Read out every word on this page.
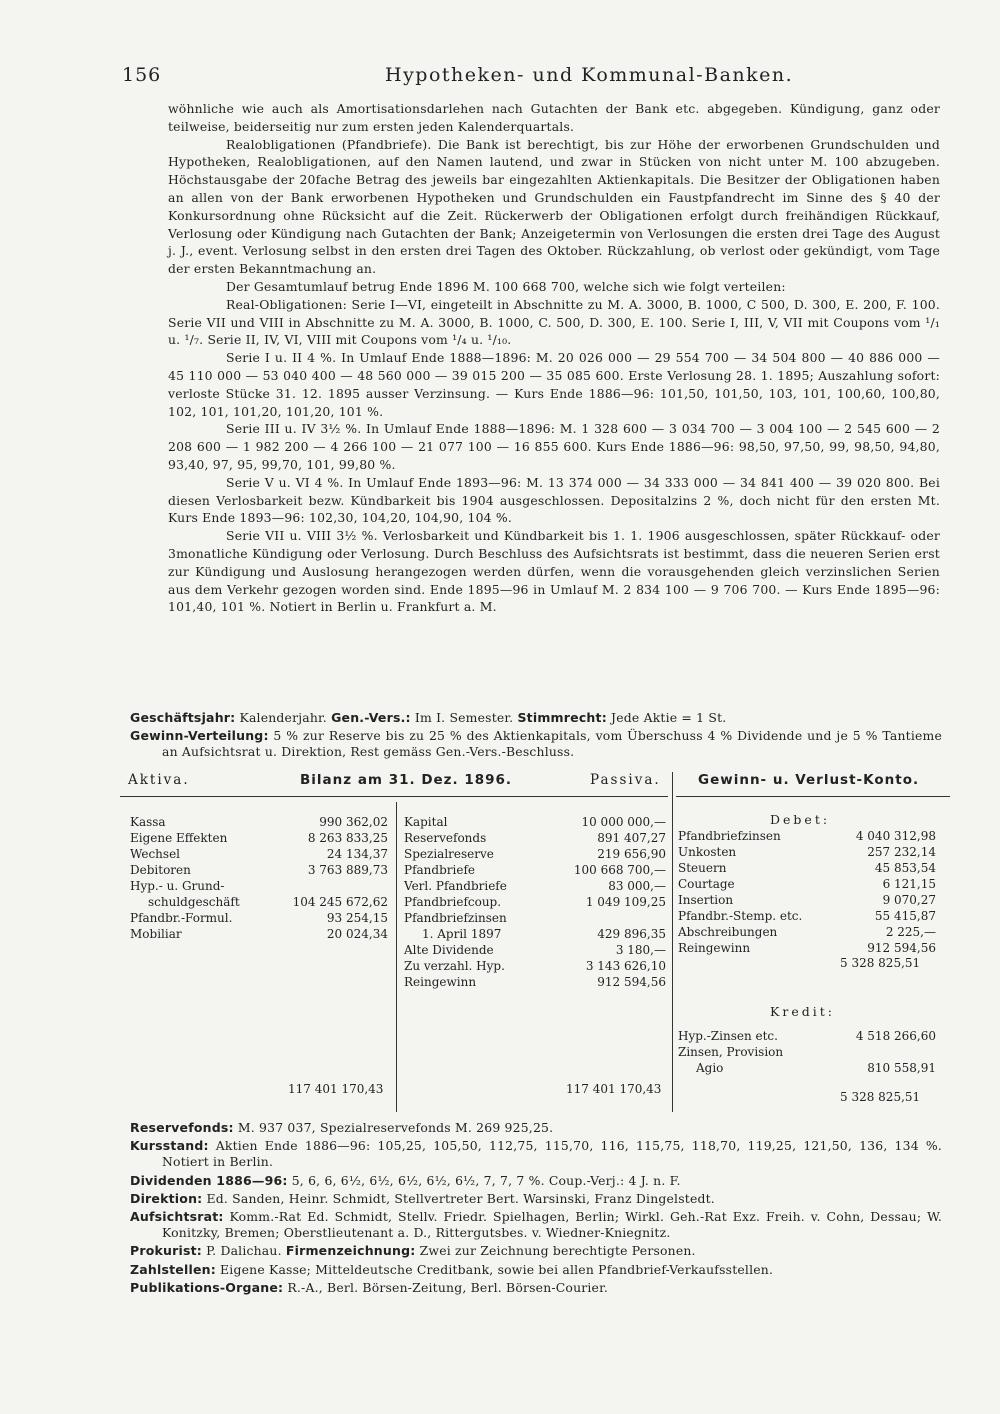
156	Hypotheken- und Kommunal-Banken.

wöhnliche wie auch als Amortisationsdarlehen nach Gutachten der Bank etc. abgegeben. Kündigung, ganz oder teilweise, beiderseitig nur zum ersten jeden Kalenderquartals.

Realobligationen (Pfandbriefe). Die Bank ist berechtigt, bis zur Höhe der erworbenen Grundschulden und Hypotheken, Realobligationen, auf den Namen lautend, und zwar in Stücken von nicht unter M. 100 abzugeben. Höchstausgabe der 20fache Betrag des jeweils bar eingezahlten Aktienkapitals. Die Besitzer der Obligationen haben an allen von der Bank erworbenen Hypotheken und Grundschulden ein Faustpfandrecht im Sinne des § 40 der Konkursordnung ohne Rücksicht auf die Zeit. Rückerwerb der Obligationen erfolgt durch freihändigen Rückkauf, Verlosung oder Kündigung nach Gutachten der Bank; Anzeigetermin von Verlosungen die ersten drei Tage des August j. J., event. Verlosung selbst in den ersten drei Tagen des Oktober. Rückzahlung, ob verlost oder gekündigt, vom Tage der ersten Bekanntmachung an.

Der Gesamtumlauf betrug Ende 1896 M. 100 668 700, welche sich wie folgt verteilen:

Real-Obligationen: Serie I—VI, eingeteilt in Abschnitte zu M. A. 3000, B. 1000, C 500, D. 300, E. 200, F. 100. Serie VII und VIII in Abschnitte zu M. A. 3000, B. 1000, C. 500, D. 300, E. 100. Serie I, III, V, VII mit Coupons vom ¹/₁ u. ¹/₇. Serie II, IV, VI, VIII mit Coupons vom ¹/₄ u. ¹/₁₀.

Serie I u. II 4 %. In Umlauf Ende 1888—1896: M. 20 026 000 — 29 554 700 — 34 504 800 — 40 886 000 — 45 110 000 — 53 040 400 — 48 560 000 — 39 015 200 — 35 085 600. Erste Verlosung 28. 1. 1895; Auszahlung sofort: verloste Stücke 31. 12. 1895 ausser Verzinsung. — Kurs Ende 1886—96: 101,50, 101,50, 103, 101, 100,60, 100,80, 102, 101, 101,20, 101,20, 101 %.

Serie III u. IV 3½ %. In Umlauf Ende 1888—1896: M. 1 328 600 — 3 034 700 — 3 004 100 — 2 545 600 — 2 208 600 — 1 982 200 — 4 266 100 — 21 077 100 — 16 855 600. Kurs Ende 1886—96: 98,50, 97,50, 99, 98,50, 94,80, 93,40, 97, 95, 99,70, 101, 99,80 %.

Serie V u. VI 4 %. In Umlauf Ende 1893—96: M. 13 374 000 — 34 333 000 — 34 841 400 — 39 020 800. Bei diesen Verlosbarkeit bezw. Kündbarkeit bis 1904 ausgeschlossen. Depositalzins 2 %, doch nicht für den ersten Mt. Kurs Ende 1893—96: 102,30, 104,20, 104,90, 104 %.

Serie VII u. VIII 3½ %. Verlosbarkeit und Kündbarkeit bis 1. 1. 1906 ausgeschlossen, später Rückkauf- oder 3monatliche Kündigung oder Verlosung. Durch Beschluss des Aufsichtsrats ist bestimmt, dass die neueren Serien erst zur Kündigung und Auslosung herangezogen werden dürfen, wenn die vorausgehenden gleich verzinslichen Serien aus dem Verkehr gezogen worden sind. Ende 1895—96 in Umlauf M. 2 834 100 — 9 706 700. — Kurs Ende 1895—96: 101,40, 101 %. Notiert in Berlin u. Frankfurt a. M.

Geschäftsjahr: Kalenderjahr. Gen.-Vers.: Im I. Semester. Stimmrecht: Jede Aktie = 1 St.

Gewinn-Verteilung: 5 % zur Reserve bis zu 25 % des Aktienkapitals, vom Überschuss 4 % Dividende und je 5 % Tantieme an Aufsichtsrat u. Direktion, Rest gemäss Gen.-Vers.-Beschluss.

Aktiva.	Bilanz am 31. Dez. 1896.	Passiva.	Gewinn- u. Verlust-Konto.
Kassa	990 362,02
Eigene Effekten	8 263 833,25
Wechsel	24 134,37
Debitoren	3 763 889,73
Hyp.- u. Grund-
schuldgeschäft	104 245 672,62
Pfandbr.-Formul.	93 254,15
Mobiliar	20 024,34
117 401 170,43
Kapital	10 000 000,—
Reservefonds	891 407,27
Spezialreserve	219 656,90
Pfandbriefe	100 668 700,—
Verl. Pfandbriefe	83 000,—
Pfandbriefcoup.	1 049 109,25
Pfandbriefzinsen
1. April 1897	429 896,35
Alte Dividende	3 180,—
Zu verzahl. Hyp.	3 143 626,10
Reingewinn	912 594,56
117 401 170,43
Debet:
Pfandbriefzinsen	4 040 312,98
Unkosten	257 232,14
Steuern	45 853,54
Courtage	6 121,15
Insertion	9 070,27
Pfandbr.-Stemp. etc.	55 415,87
Abschreibungen	2 225,—
Reingewinn	912 594,56
5 328 825,51
Kredit:
Hyp.-Zinsen etc.	4 518 266,60
Zinsen, Provision
Agio	810 558,91
5 328 825,51

Reservefonds: M. 937 037, Spezialreservefonds M. 269 925,25.

Kursstand: Aktien Ende 1886—96: 105,25, 105,50, 112,75, 115,70, 116, 115,75, 118,70, 119,25, 121,50, 136, 134 %. Notiert in Berlin.

Dividenden 1886—96: 5, 6, 6, 6½, 6½, 6½, 6½, 6½, 7, 7, 7 %. Coup.-Verj.: 4 J. n. F.

Direktion: Ed. Sanden, Heinr. Schmidt, Stellvertreter Bert. Warsinski, Franz Dingelstedt.

Aufsichtsrat: Komm.-Rat Ed. Schmidt, Stellv. Friedr. Spielhagen, Berlin; Wirkl. Geh.-Rat Exz. Freih. v. Cohn, Dessau; W. Konitzky, Bremen; Oberstlieutenant a. D., Rittergutsbes. v. Wiedner-Kniegnitz.

Prokurist: P. Dalichau. Firmenzeichnung: Zwei zur Zeichnung berechtigte Personen.

Zahlstellen: Eigene Kasse; Mitteldeutsche Creditbank, sowie bei allen Pfandbrief-Verkaufsstellen.

Publikations-Organe: R.-A., Berl. Börsen-Zeitung, Berl. Börsen-Courier.
